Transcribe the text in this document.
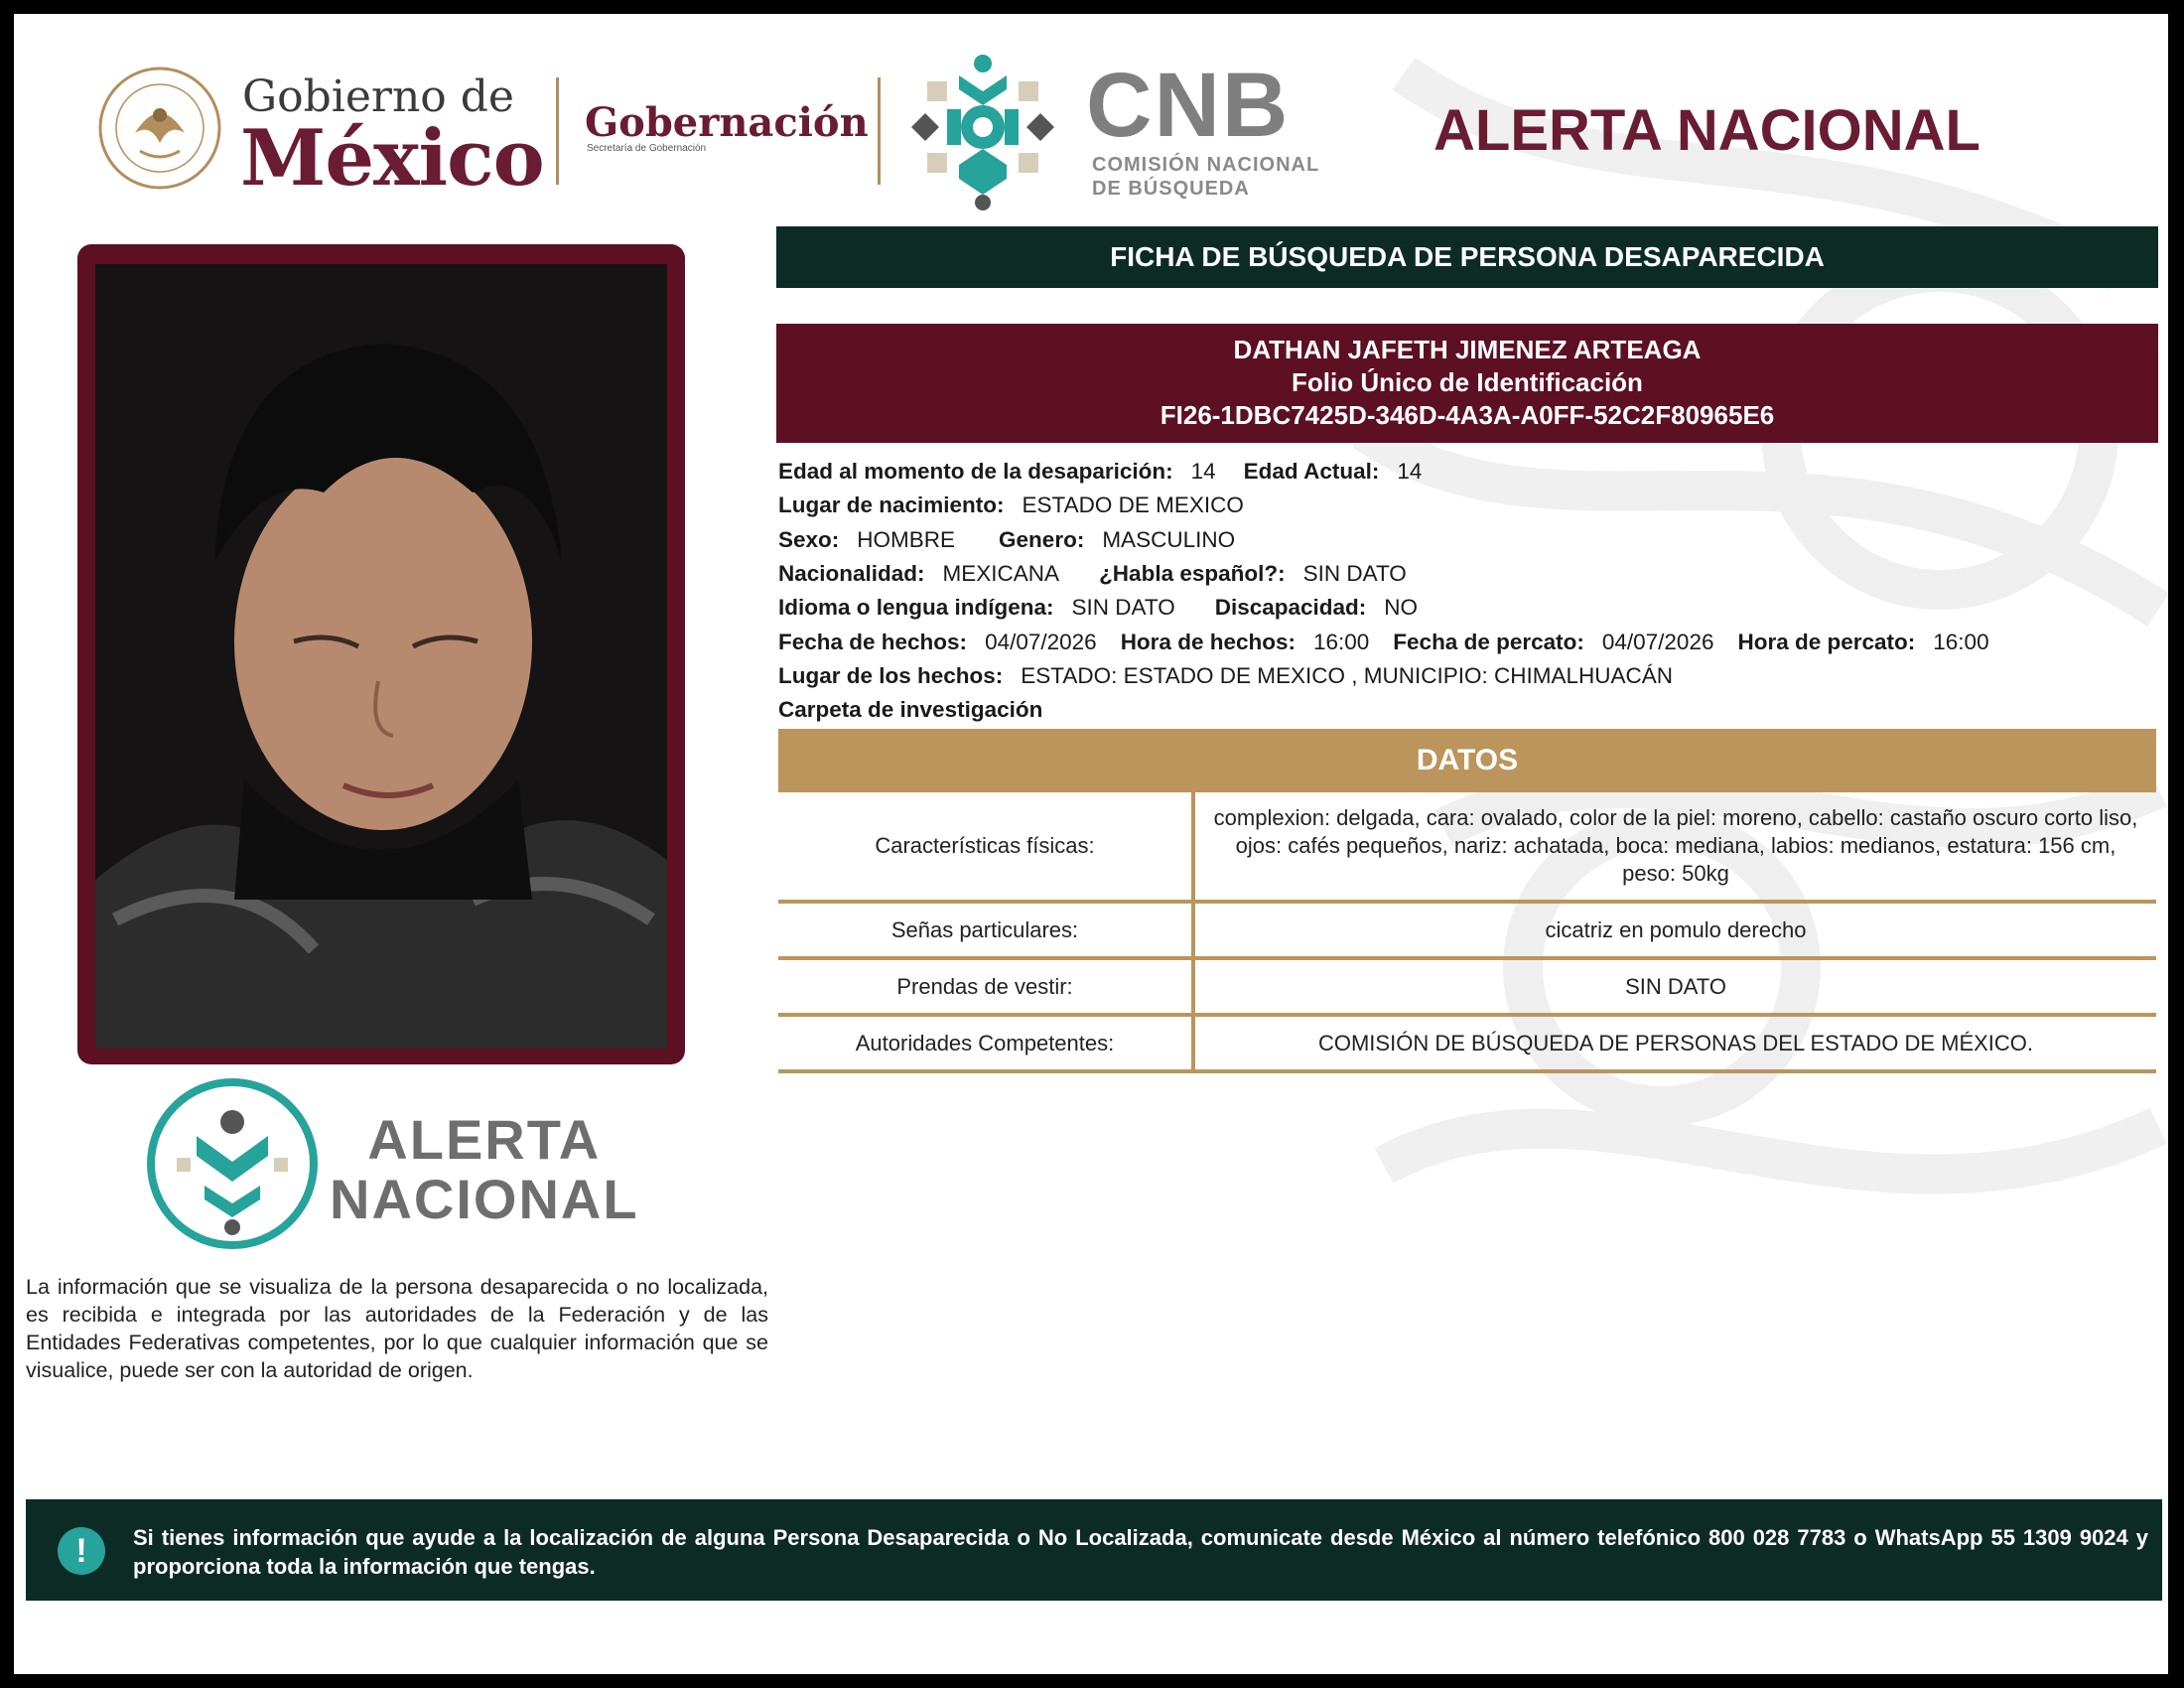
Gobierno de
México Gobernación
Secretaría de Gobernación	CNB
COMISIÓN NACIONAL
DE BÚSQUEDA
ALERTA NACIONAL
FICHA DE BÚSQUEDA DE PERSONA DESAPARECIDA
DATHAN JAFETH JIMENEZ ARTEAGA
Folio Único de Identificación
FI26-1DBC7425D-346D-4A3A-A0FF-52C2F80965E6
Edad al momento de la desaparición: 14 Edad Actual: 14
Lugar de nacimiento: ESTADO DE MEXICO
Sexo: HOMBRE Genero: MASCULINO
Nacionalidad: MEXICANA ¿Habla español?: SIN DATO
Idioma o lengua indígena: SIN DATO Discapacidad: NO
Fecha de hechos: 04/07/2026 Hora de hechos: 16:00 Fecha de percato: 04/07/2026 Hora de percato: 16:00
Lugar de los hechos: ESTADO: ESTADO DE MEXICO , MUNICIPIO: CHIMALHUACÁN
Carpeta de investigación
DATOS
Características físicas:	complexion: delgada, cara: ovalado, color de la piel: moreno, cabello: castaño oscuro corto liso, ojos: cafés pequeños, nariz: achatada, boca: mediana, labios: medianos, estatura: 156 cm, peso: 50kg
Señas particulares:	cicatriz en pomulo derecho
Prendas de vestir:	SIN DATO
Autoridades Competentes:	COMISIÓN DE BÚSQUEDA DE PERSONAS DEL ESTADO DE MÉXICO.
ALERTA
NACIONAL
La información que se visualiza de la persona desaparecida o no localizada, es recibida e integrada por las autoridades de la Federación y de las Entidades Federativas competentes, por lo que cualquier información que se visualice, puede ser con la autoridad de origen.
!	Si tienes información que ayude a la localización de alguna Persona Desaparecida o No Localizada, comunicate desde México al número telefónico 800 028 7783 o WhatsApp 55 1309 9024 y proporciona toda la información que tengas.
